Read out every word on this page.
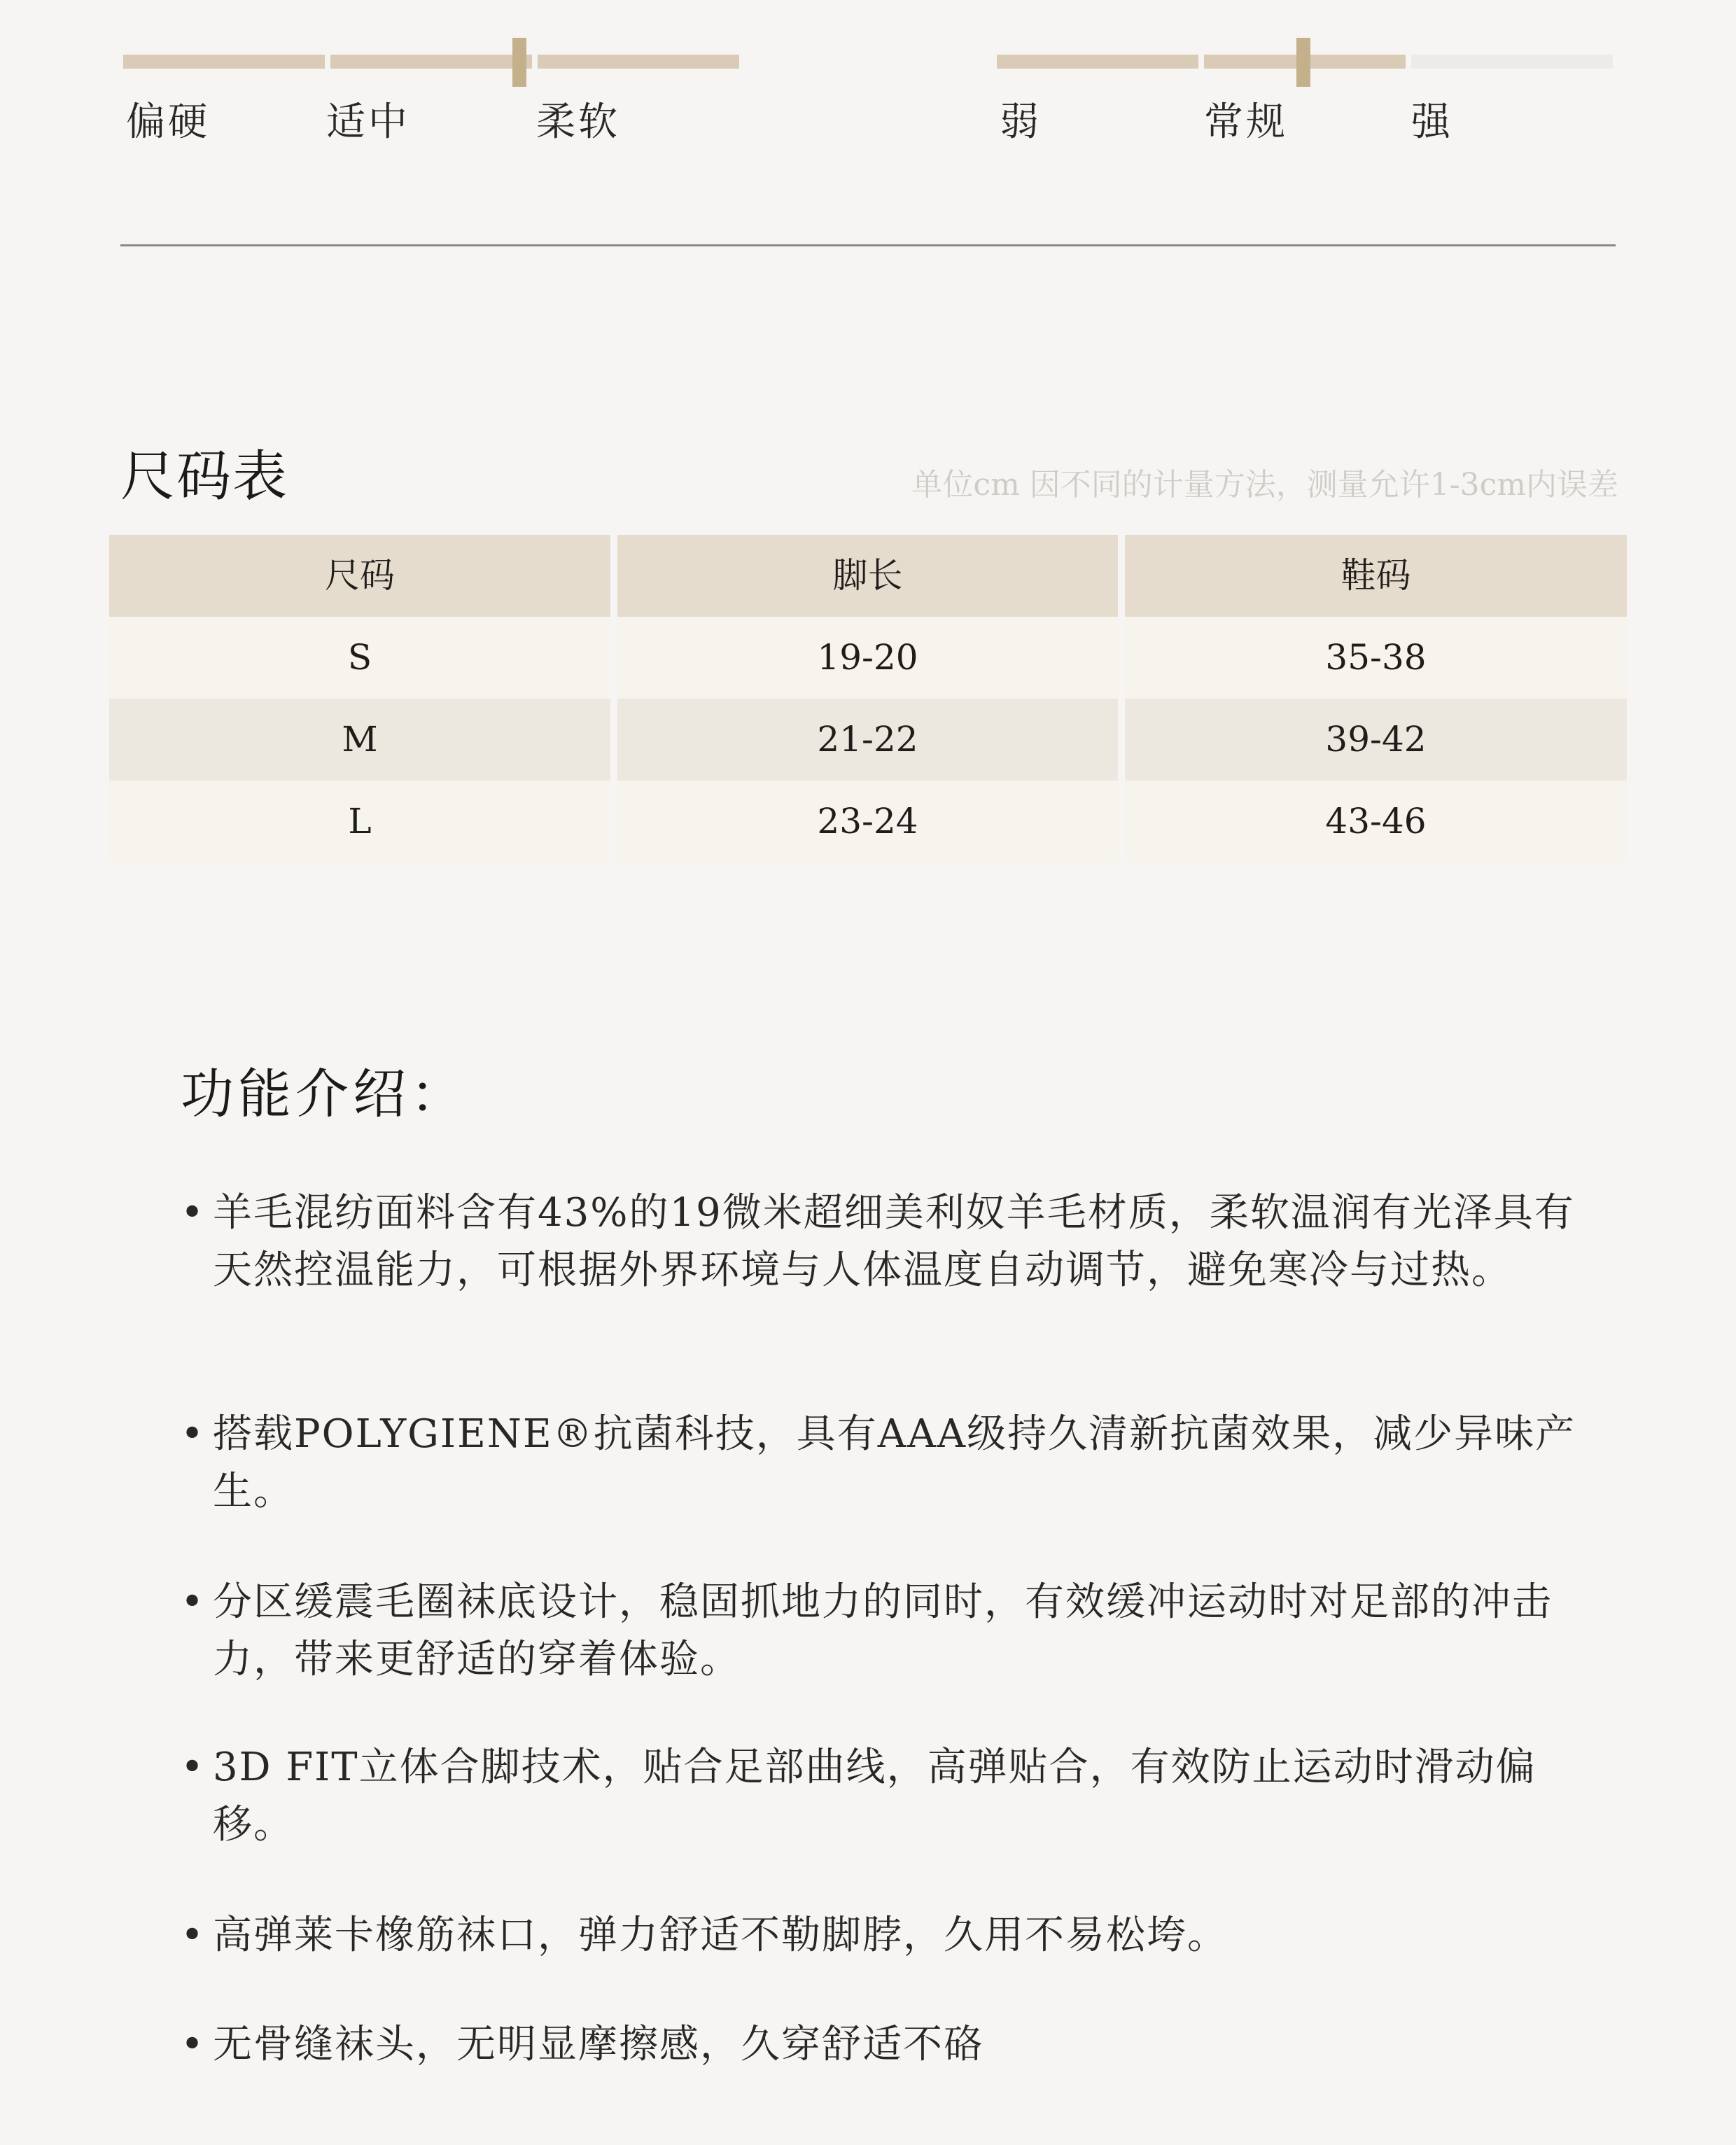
偏硬	适中	柔软	弱	常规	强
尺码表	单位cm 因不同的计量方法，测量允许1-3cm内误差
尺码	脚长	鞋码
S	19-20	35-38
M	21-22	39-42
L	23-24	43-46
功能介绍：
• 羊毛混纺面料含有43%的19微米超细美利奴羊毛材质，柔软温润有光泽具有天然控温能力，可根据外界环境与人体温度自动调节，避免寒冷与过热。
• 搭载POLYGIENE®抗菌科技，具有AAA级持久清新抗菌效果，减少异味产生。
• 分区缓震毛圈袜底设计，稳固抓地力的同时，有效缓冲运动时对足部的冲击力，带来更舒适的穿着体验。
• 3D FIT立体合脚技术，贴合足部曲线，高弹贴合，有效防止运动时滑动偏移。
• 高弹莱卡橡筋袜口，弹力舒适不勒脚脖，久用不易松垮。
• 无骨缝袜头，无明显摩擦感，久穿舒适不硌
